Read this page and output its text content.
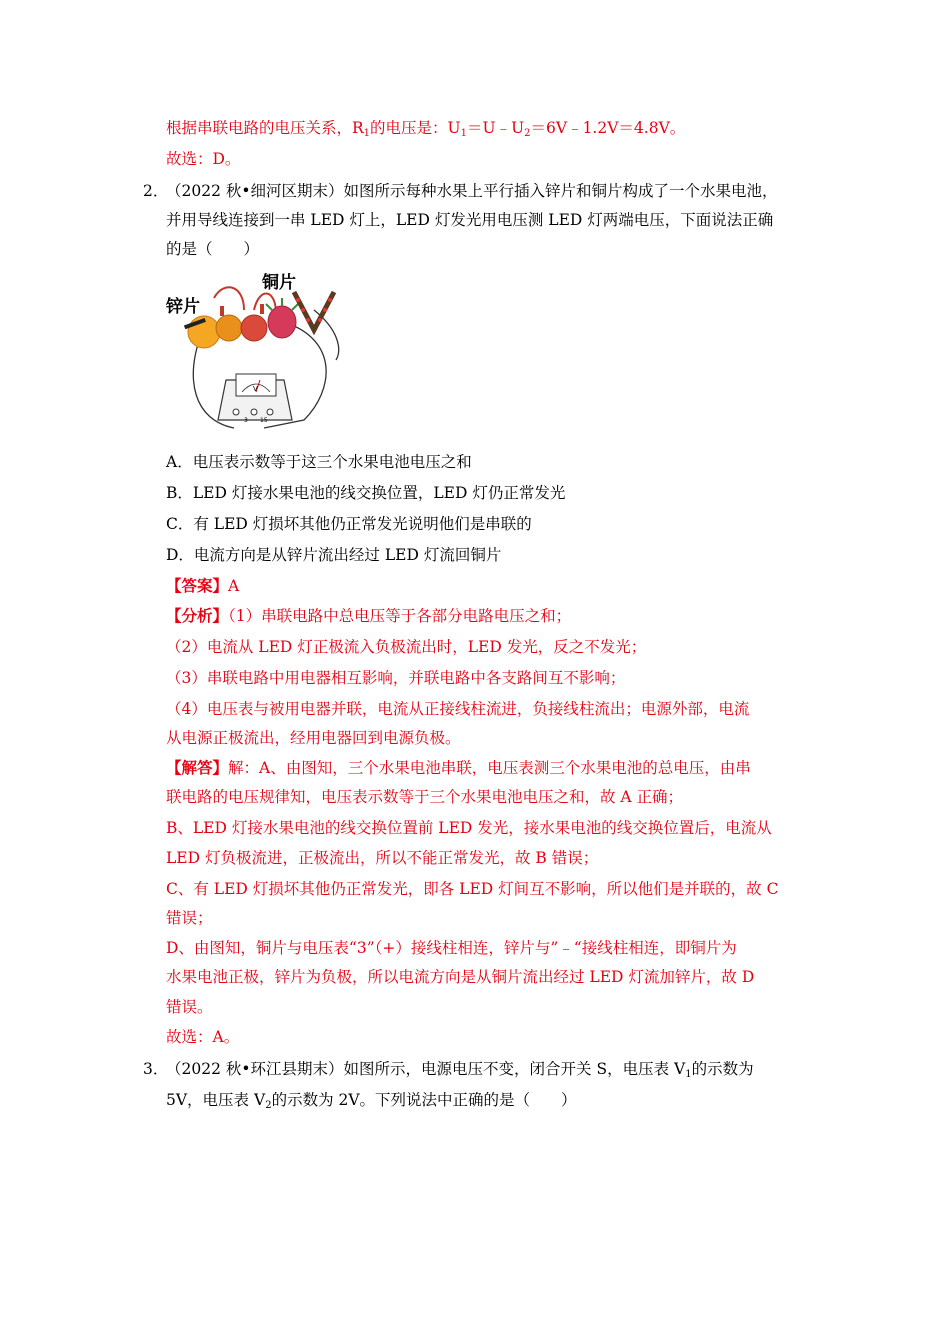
根据串联电路的电压关系，$R_1$的电压是：$U_1=U﹣U_2=6V﹣1.2V=4.8V$。
故选：D。
2．
（2022 秋•细河区期末）如图所示每种水果上平行插入锌片和铜片构成了一个水果电池，
并用导线连接到一串 LED 灯上，LED 灯发光用电压测 LED 灯两端电压，下面说法正确
的是（　　）
锌片
铜片
V
3 15
A．电压表示数等于这三个水果电池电压之和
B．LED 灯接水果电池的线交换位置，LED 灯仍正常发光
C．有 LED 灯损坏其他仍正常发光说明他们是串联的
D．电流方向是从锌片流出经过 LED 灯流回铜片
【答案】A
【分析】（1）串联电路中总电压等于各部分电路电压之和；
（2）电流从 LED 灯正极流入负极流出时，LED 发光，反之不发光；
（3）串联电路中用电器相互影响，并联电路中各支路间互不影响；
（4）电压表与被用电器并联，电流从正接线柱流进，负接线柱流出；电源外部，电流
从电源正极流出，经用电器回到电源负极。
【解答】解：A、由图知，三个水果电池串联，电压表测三个水果电池的总电压，由串
联电路的电压规律知，电压表示数等于三个水果电池电压之和，故 A 正确；
B、LED 灯接水果电池的线交换位置前 LED 发光，接水果电池的线交换位置后，电流从
LED 灯负极流进，正极流出，所以不能正常发光，故 B 错误；
C、有 LED 灯损坏其他仍正常发光，即各 LED 灯间互不影响，所以他们是并联的，故 C
错误；
D、由图知，铜片与电压表“3”（+）接线柱相连，锌片与”﹣“接线柱相连，即铜片为
水果电池正极，锌片为负极，所以电流方向是从铜片流出经过 LED 灯流加锌片，故 D
错误。
故选：A。
3．
（2022 秋•环江县期末）如图所示，电源电压不变，闭合开关 S，电压表 $V_1$的示数为
5V，电压表 $V_2$的示数为 2V。下列说法中正确的是（　　）
